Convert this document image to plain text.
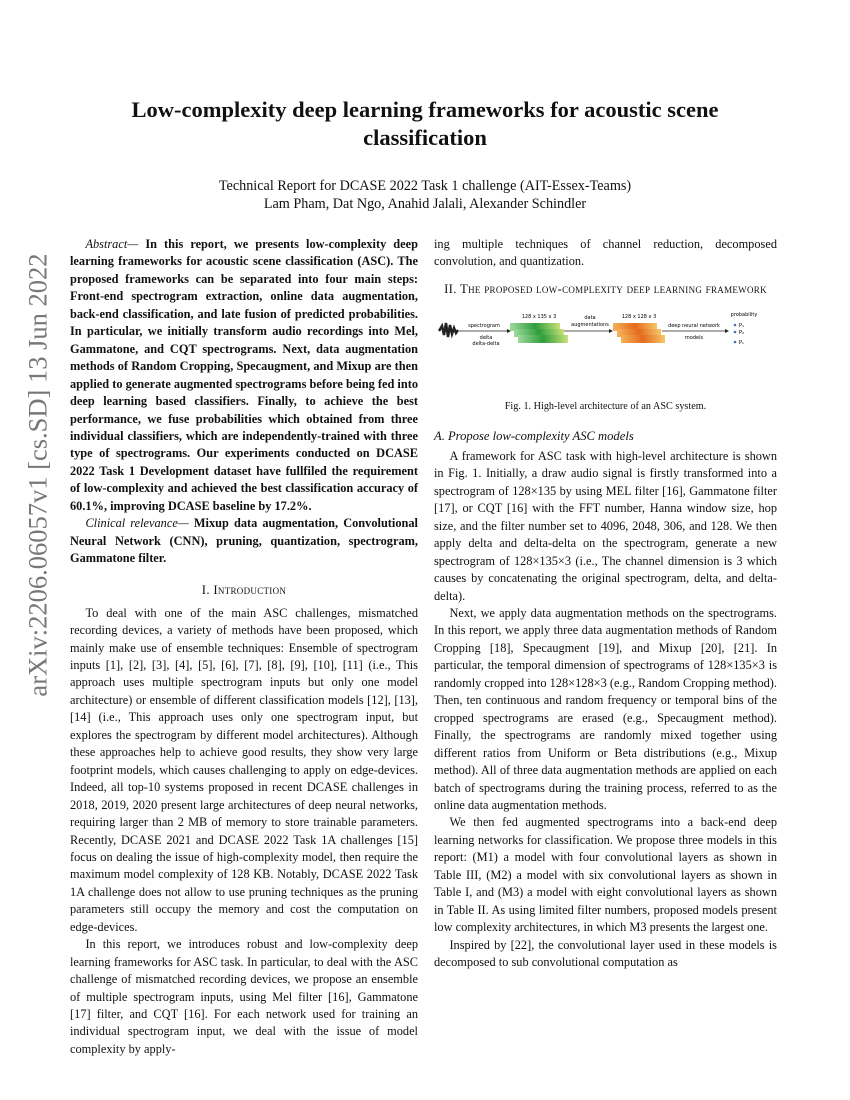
Low-complexity deep learning frameworks for acoustic scene classification
Technical Report for DCASE 2022 Task 1 challenge (AIT-Essex-Teams)
Lam Pham, Dat Ngo, Anahid Jalali, Alexander Schindler
arXiv:2206.06057v1 [cs.SD] 13 Jun 2022

Abstract— In this report, we presents low-complexity deep learning frameworks for acoustic scene classification (ASC). The proposed frameworks can be separated into four main steps: Front-end spectrogram extraction, online data augmentation, back-end classification, and late fusion of predicted probabilities. In particular, we initially transform audio recordings into Mel, Gammatone, and CQT spectrograms. Next, data augmentation methods of Random Cropping, Specaugment, and Mixup are then applied to generate augmented spectrograms before being fed into deep learning based classifiers. Finally, to achieve the best performance, we fuse probabilities which obtained from three individual classifiers, which are independently-trained with three type of spectrograms. Our experiments conducted on DCASE 2022 Task 1 Development dataset have fullfiled the requirement of low-complexity and achieved the best classification accuracy of 60.1%, improving DCASE baseline by 17.2%.

Clinical relevance— Mixup data augmentation, Convolutional Neural Network (CNN), pruning, quantization, spectrogram, Gammatone filter.

I. Introduction

To deal with one of the main ASC challenges, mismatched recording devices, a variety of methods have been proposed, which mainly make use of ensemble techniques: Ensemble of spectrogram inputs [1], [2], [3], [4], [5], [6], [7], [8], [9], [10], [11] (i.e., This approach uses multiple spectrogram inputs but only one model architecture) or ensemble of different classification models [12], [13], [14] (i.e., This approach uses only one spectrogram input, but explores the spectrogram by different model architectures). Although these approaches help to achieve good results, they show very large footprint models, which causes challenging to apply on edge-devices. Indeed, all top-10 systems proposed in recent DCASE challenges in 2018, 2019, 2020 present large architectures of deep neural networks, requiring larger than 2 MB of memory to store trainable parameters. Recently, DCASE 2021 and DCASE 2022 Task 1A challenges [15] focus on dealing the issue of high-complexity model, then require the maximum model complexity of 128 KB. Notably, DCASE 2022 Task 1A challenge does not allow to use pruning techniques as the pruning parameters still occupy the memory and cost the computation on edge-devices.

In this report, we introduces robust and low-complexity deep learning frameworks for ASC task. In particular, to deal with the ASC challenge of mismatched recording devices, we propose an ensemble of multiple spectrogram inputs, using Mel filter [16], Gammatone [17] filter, and CQT [16]. For each network used for training an individual spectrogram input, we deal with the issue of model complexity by apply-

ing multiple techniques of channel reduction, decomposed convolution, and quantization.

II. The proposed low-complexity deep learning framework
spectrogram
delta
delta-delta
128 x 135 x 3	data
augmentations
128 x 128 x 3
deep neural network
models
probability
P₁
P₂
Pₙ
Fig. 1. High-level architecture of an ASC system.
A. Propose low-complexity ASC models

A framework for ASC task with high-level architecture is shown in Fig. 1. Initially, a draw audio signal is firstly transformed into a spectrogram of 128×135 by using MEL filter [16], Gammatone filter [17], or CQT [16] with the FFT number, Hanna window size, hop size, and the filter number set to 4096, 2048, 306, and 128. We then apply delta and delta-delta on the spectrogram, generate a new spectrogram of 128×135×3 (i.e., The channel dimension is 3 which causes by concatenating the original spectrogram, delta, and delta-delta).

Next, we apply data augmentation methods on the spectrograms. In this report, we apply three data augmentation methods of Random Cropping [18], Specaugment [19], and Mixup [20], [21]. In particular, the temporal dimension of spectrograms of 128×135×3 is randomly cropped into 128×128×3 (e.g., Random Cropping method). Then, ten continuous and random frequency or temporal bins of the cropped spectrograms are erased (e.g., Specaugment method). Finally, the spectrograms are randomly mixed together using different ratios from Uniform or Beta distributions (e.g., Mixup method). All of three data augmentation methods are applied on each batch of spectrograms during the training process, referred to as the online data augmentation methods.

We then fed augmented spectrograms into a back-end deep learning networks for classification. We propose three models in this report: (M1) a model with four convolutional layers as shown in Table III, (M2) a model with six convolutional layers as shown in Table I, and (M3) a model with eight convolutional layers as shown in Table II. As using limited filter numbers, proposed models present low complexity architectures, in which M3 presents the largest one.

Inspired by [22], the convolutional layer used in these models is decomposed to sub convolutional computation as
